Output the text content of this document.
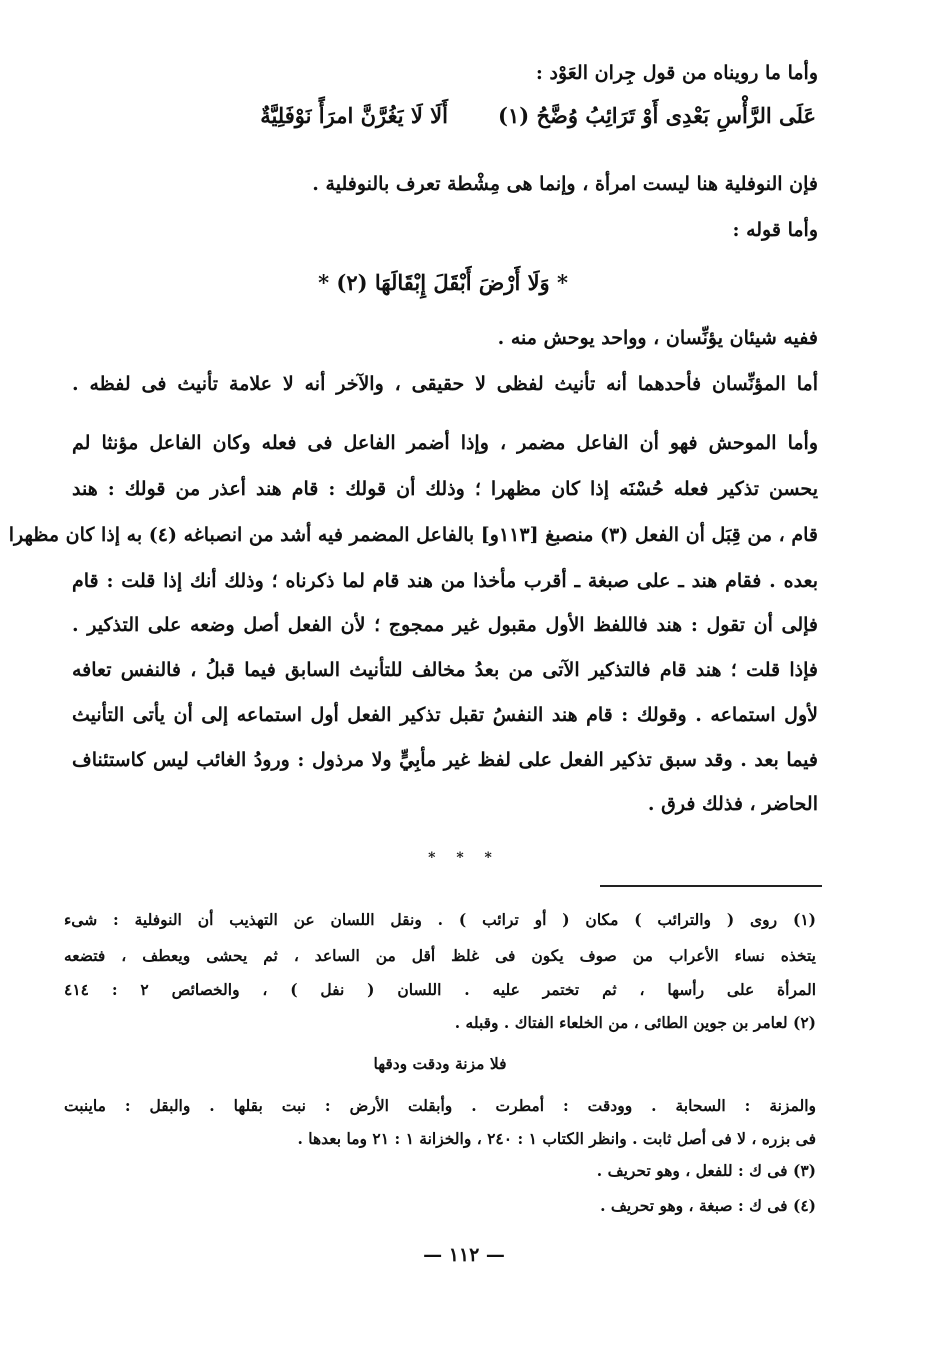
وأما ما رويناه من قول جِران العَوْد :
عَلَى الرَّأْسِ بَعْدِى أَوْ تَرَائِبُ وُضَّحُ (١)
أَلَا لَا يَغُرَّنَّ امرَأً نَوْفَلِيَّةٌ
فإن النوفلية هنا ليست امرأة ، وإنما هى مِشْطة تعرف بالنوفلية .
وأما قوله :
* وَلَا أَرْضَ أَبْقَلَ إِبْقَالَهَا (٢) *
ففيه شيئان يؤنِّسان ، وواحد يوحش منه .
أما المؤنِّسان فأحدهما أنه تأنيث لفظى لا حقيقى ، والآخر أنه لا علامة تأنيث فى لفظه .
وأما الموحش فهو أن الفاعل مضمر ، وإذا أضمر الفاعل فى فعله وكان الفاعل مؤنثا لم
يحسن تذكير فعله حُسْنَه إذا كان مظهرا ؛ وذلك أن قولك : قام هند أعذر من قولك : هند
قام ، من قِبَل أن الفعل (٣) منصبغ [١١٣و] بالفاعل المضمر فيه أشد من انصباغه (٤) به إذا كان مظهرا
بعده . فقام هند ـ على صبغة ـ أقرب مأخذا من هند قام لما ذكرناه ؛ وذلك أنك إذا قلت : قام
فإلى أن تقول : هند فاللفظ الأول مقبول غير ممجوج ؛ لأن الفعل أصل وضعه على التذكير .
فإذا قلت ؛ هند قام فالتذكير الآتى من بعدُ مخالف للتأنيث السابق فيما قبلُ ، فالنفس تعافه
لأول استماعه . وقولك : قام هند النفسُ تقبل تذكير الفعل أول استماعه إلى أن يأتى التأنيث
فيما بعد . وقد سبق تذكير الفعل على لفظ غير مأبِيٍّ ولا مرذول : ورودُ الغائب ليس كاستئناف
الحاضر ، فذلك فرق .
* * *
(١) روى ( والترائب ) مكان ( أو ترائب ) . ونقل اللسان عن التهذيب أن النوفلية : شىء
يتخذه نساء الأعراب من صوف يكون فى غلظ أقل من الساعد ، ثم يحشى ويعطف ، فتضعه
المرأة على رأسها ، ثم تختمر عليه . اللسان ( نفل ) ، والخصائص ٢ : ٤١٤
(٢) لعامر بن جوين الطائى ، من الخلعاء الفتاك . وقبله .
فلا مزنة ودقت ودقها
والمزنة : السحابة . وودقت : أمطرت . وأبقلت الأرض : نبت بقلها . والبقل : ماينبت
فى بزره ، لا فى أصل ثابت . وانظر الكتاب ١ : ٢٤٠ ، والخزانة ١ : ٢١ وما بعدها .
(٣) فى ك : للفعل ، وهو تحريف .
(٤) فى ك : صبغة ، وهو تحريف .
— ١١٢ —
